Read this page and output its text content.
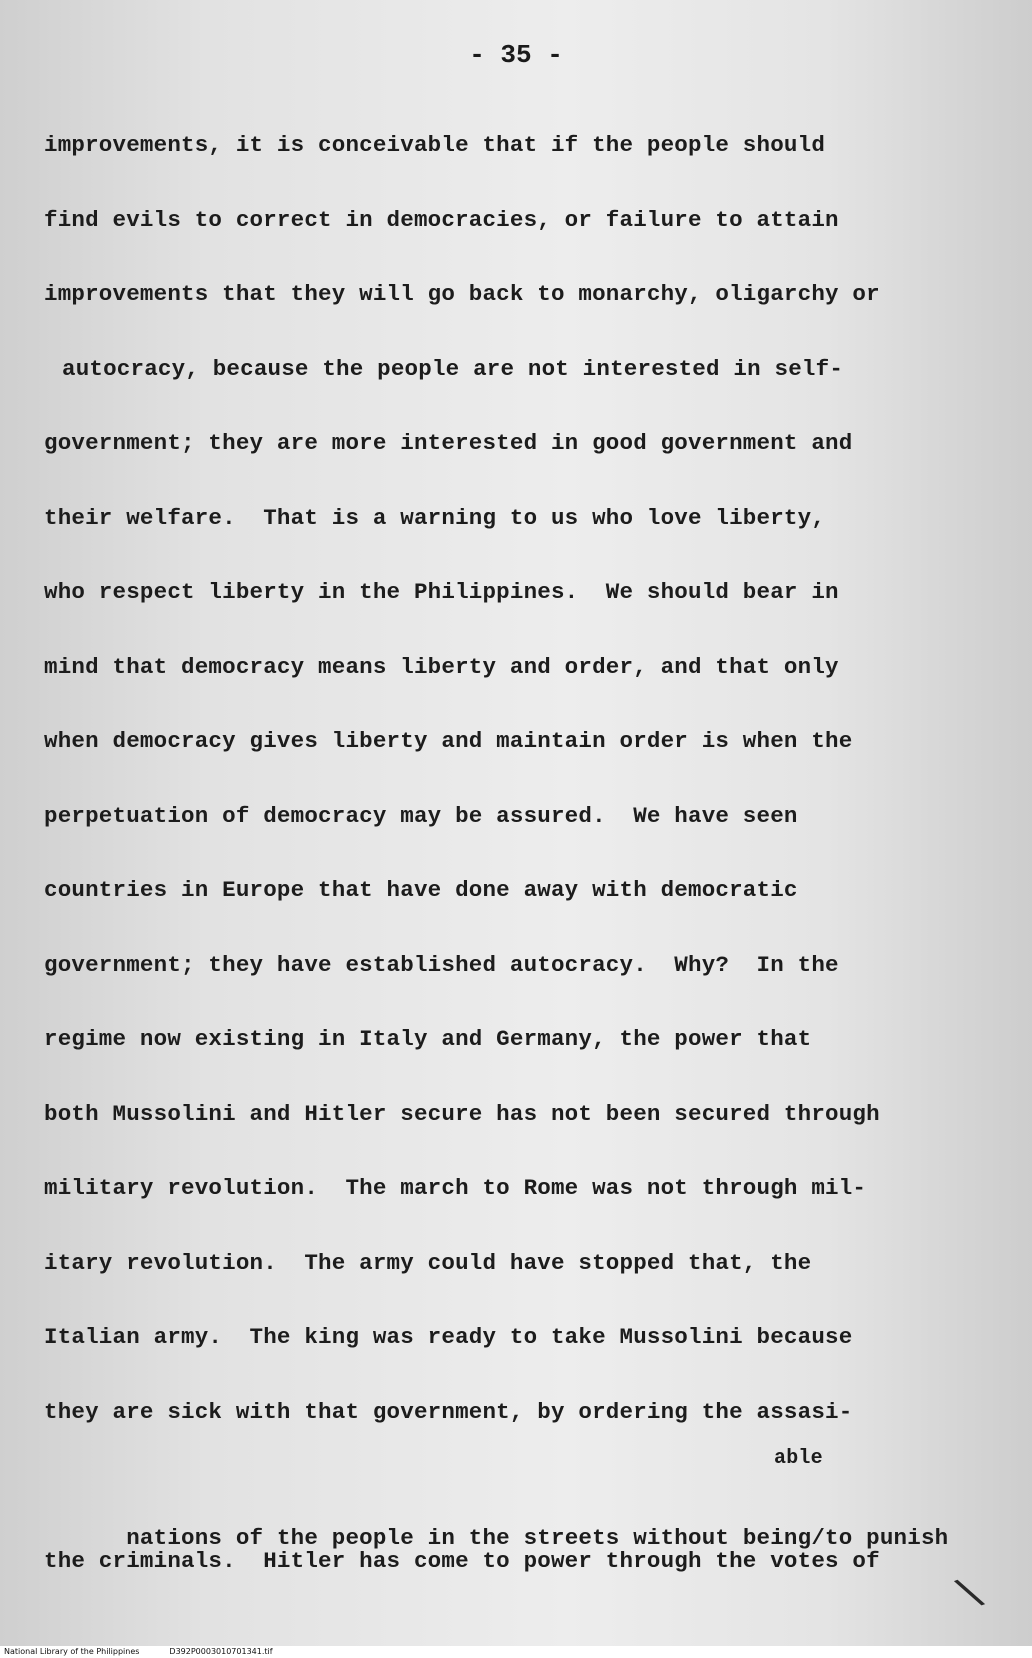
- 35 -
improvements, it is conceivable that if the people should
find evils to correct in democracies, or failure to attain
improvements that they will go back to monarchy, oligarchy or
autocracy, because the people are not interested in self-
government; they are more interested in good government and
their welfare.  That is a warning to us who love liberty,
who respect liberty in the Philippines.  We should bear in
mind that democracy means liberty and order, and that only
when democracy gives liberty and maintain order is when the
perpetuation of democracy may be assured.  We have seen
countries in Europe that have done away with democratic
government; they have established autocracy.  Why?  In the
regime now existing in Italy and Germany, the power that
both Mussolini and Hitler secure has not been secured through
military revolution.  The march to Rome was not through mil-
itary revolution.  The army could have stopped that, the
Italian army.  The king was ready to take Mussolini because
they are sick with that government, by ordering the assasi-

able

nations of the people in the streets without being/to punish

the criminals.  Hitler has come to power through the votes of
\
National Library of the Philippines	D392P0003010701341.tif
